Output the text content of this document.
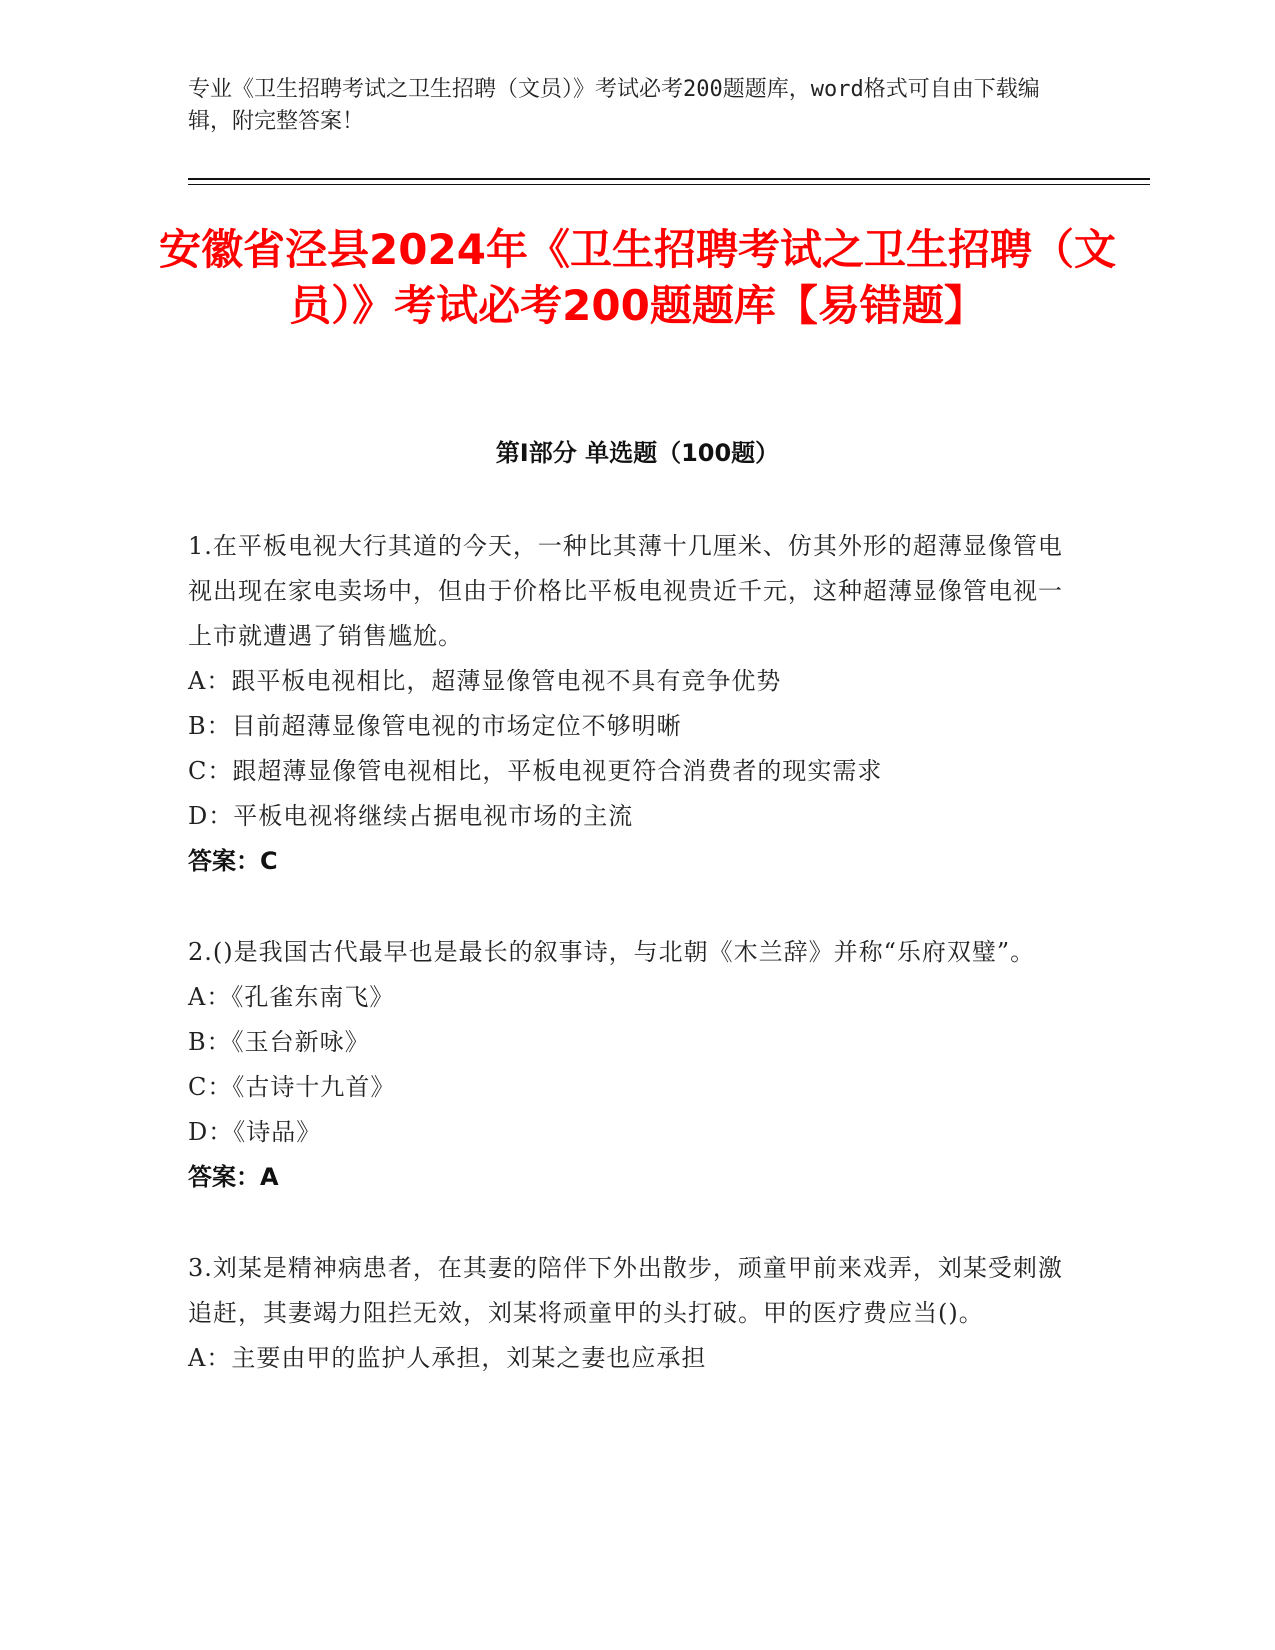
专业《卫生招聘考试之卫生招聘（文员）》考试必考200题题库，word格式可自由下载编辑，附完整答案！
安徽省泾县2024年《卫生招聘考试之卫生招聘（文员）》考试必考200题题库【易错题】
第I部分 单选题（100题）
1.在平板电视大行其道的今天，一种比其薄十几厘米、仿其外形的超薄显像管电视出现在家电卖场中，但由于价格比平板电视贵近千元，这种超薄显像管电视一上市就遭遇了销售尴尬。
A：跟平板电视相比，超薄显像管电视不具有竞争优势
B：目前超薄显像管电视的市场定位不够明晰
C：跟超薄显像管电视相比，平板电视更符合消费者的现实需求
D：平板电视将继续占据电视市场的主流
答案：C
2.()是我国古代最早也是最长的叙事诗，与北朝《木兰辞》并称“乐府双璧”。
A：《孔雀东南飞》
B：《玉台新咏》
C：《古诗十九首》
D：《诗品》
答案：A
3.刘某是精神病患者，在其妻的陪伴下外出散步，顽童甲前来戏弄，刘某受刺激追赶，其妻竭力阻拦无效，刘某将顽童甲的头打破。甲的医疗费应当()。
A：主要由甲的监护人承担，刘某之妻也应承担
